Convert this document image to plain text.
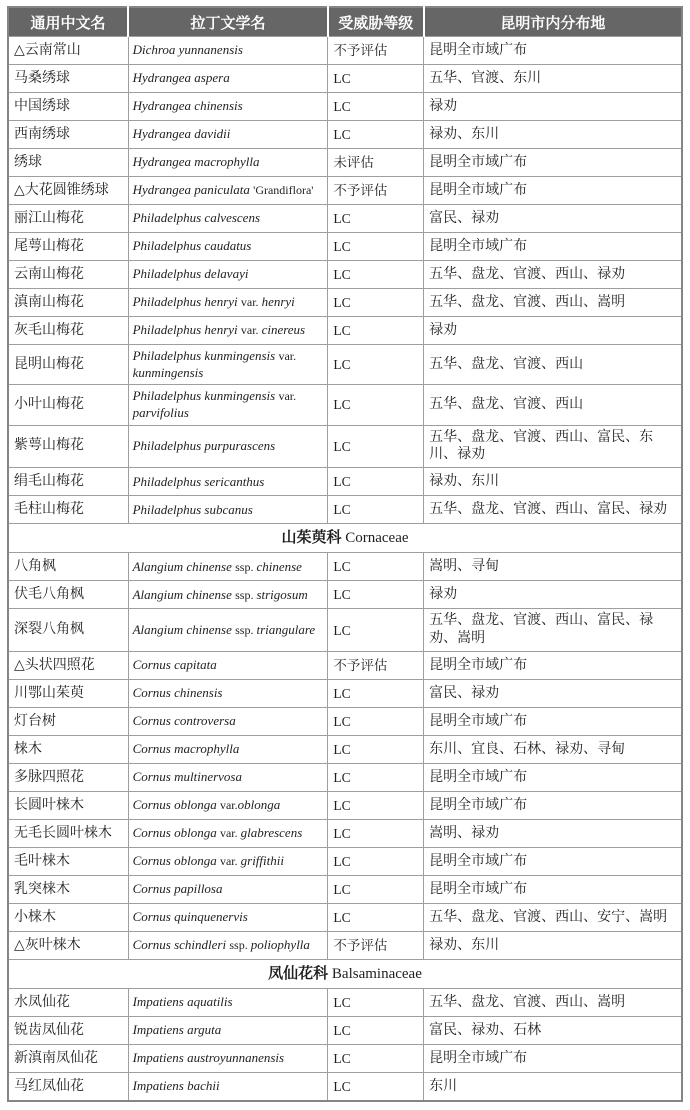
通用中文名	拉丁文学名	受威胁等级	昆明市内分布地
△云南常山	Dichroa yunnanensis	不予评估	昆明全市域广布
马桑绣球	Hydrangea aspera	LC	五华、官渡、东川
中国绣球	Hydrangea chinensis	LC	禄劝
西南绣球	Hydrangea davidii	LC	禄劝、东川
绣球	Hydrangea macrophylla	未评估	昆明全市域广布
△大花圆锥绣球	Hydrangea paniculata 'Grandiflora'	不予评估	昆明全市域广布
丽江山梅花	Philadelphus calvescens	LC	富民、禄劝
尾萼山梅花	Philadelphus caudatus	LC	昆明全市域广布
云南山梅花	Philadelphus delavayi	LC	五华、盘龙、官渡、西山、禄劝
滇南山梅花	Philadelphus henryi var. henryi	LC	五华、盘龙、官渡、西山、嵩明
灰毛山梅花	Philadelphus henryi var. cinereus	LC	禄劝
昆明山梅花	Philadelphus kunmingensis var. kunmingensis	LC	五华、盘龙、官渡、西山
小叶山梅花	Philadelphus kunmingensis var. parvifolius	LC	五华、盘龙、官渡、西山
紫萼山梅花	Philadelphus purpurascens	LC	五华、盘龙、官渡、西山、富民、东川、禄劝
绢毛山梅花	Philadelphus sericanthus	LC	禄劝、东川
毛柱山梅花	Philadelphus subcanus	LC	五华、盘龙、官渡、西山、富民、禄劝
山茱萸科 Cornaceae			
八角枫	Alangium chinense ssp. chinense	LC	嵩明、寻甸
伏毛八角枫	Alangium chinense ssp. strigosum	LC	禄劝
深裂八角枫	Alangium chinense ssp. triangulare	LC	五华、盘龙、官渡、西山、富民、禄劝、嵩明
△头状四照花	Cornus capitata	不予评估	昆明全市域广布
川鄂山茱萸	Cornus chinensis	LC	富民、禄劝
灯台树	Cornus controversa	LC	昆明全市域广布
梾木	Cornus macrophylla	LC	东川、宜良、石林、禄劝、寻甸
多脉四照花	Cornus multinervosa	LC	昆明全市域广布
长圆叶梾木	Cornus oblonga var.oblonga	LC	昆明全市域广布
无毛长圆叶梾木	Cornus oblonga var. glabrescens	LC	嵩明、禄劝
毛叶梾木	Cornus oblonga var. griffithii	LC	昆明全市域广布
乳突梾木	Cornus papillosa	LC	昆明全市域广布
小梾木	Cornus quinquenervis	LC	五华、盘龙、官渡、西山、安宁、嵩明
△灰叶梾木	Cornus schindleri ssp. poliophylla	不予评估	禄劝、东川
凤仙花科 Balsaminaceae			
水凤仙花	Impatiens aquatilis	LC	五华、盘龙、官渡、西山、嵩明
锐齿凤仙花	Impatiens arguta	LC	富民、禄劝、石林
新滇南凤仙花	Impatiens austroyunnanensis	LC	昆明全市域广布
马红凤仙花	Impatiens bachii	LC	东川
